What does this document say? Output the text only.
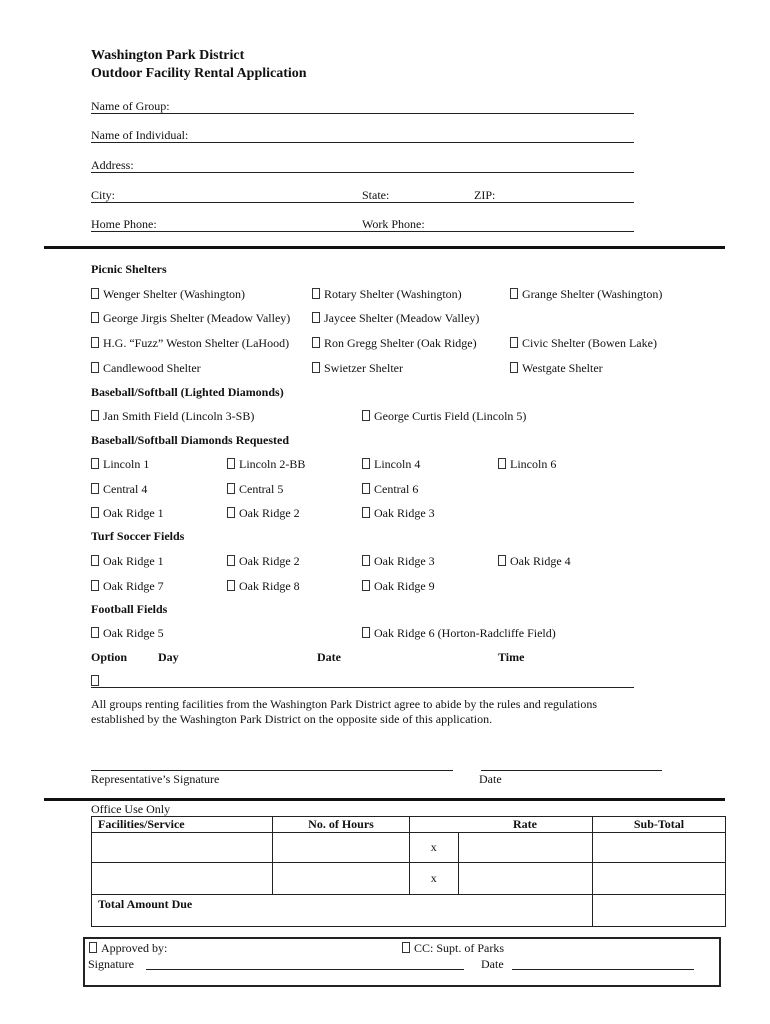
Washington Park District
Outdoor Facility Rental Application
Name of Group:
Name of Individual:
Address:
City:	State:	ZIP:
Home Phone:	Work Phone:
Picnic Shelters
Wenger Shelter (Washington)	Rotary Shelter (Washington)	Grange Shelter (Washington)
George Jirgis Shelter (Meadow Valley)	Jaycee Shelter (Meadow Valley)
H.G. “Fuzz” Weston Shelter (LaHood)	Ron Gregg Shelter (Oak Ridge)	Civic Shelter (Bowen Lake)
Candlewood Shelter	Swietzer Shelter	Westgate Shelter
Baseball/Softball (Lighted Diamonds)
Jan Smith Field (Lincoln 3-SB)	George Curtis Field (Lincoln 5)
Baseball/Softball Diamonds Requested
Lincoln 1	Lincoln 2-BB	Lincoln 4	Lincoln 6
Central 4	Central 5	Central 6
Oak Ridge 1	Oak Ridge 2	Oak Ridge 3
Turf Soccer Fields
Oak Ridge 1	Oak Ridge 2	Oak Ridge 3	Oak Ridge 4
Oak Ridge 7	Oak Ridge 8	Oak Ridge 9
Football Fields
Oak Ridge 5	Oak Ridge 6 (Horton-Radcliffe Field)
Option	Day	Date	Time
All groups renting facilities from the Washington Park District agree to abide by the rules and regulations
established by the Washington Park District on the opposite side of this application.
Representative’s Signature	Date
Office Use Only
Facilities/Service	No. of Hours		Rate	Sub-Total
		x		
		x		
Total Amount Due				
Approved by:	CC: Supt. of Parks
Signature	Date
